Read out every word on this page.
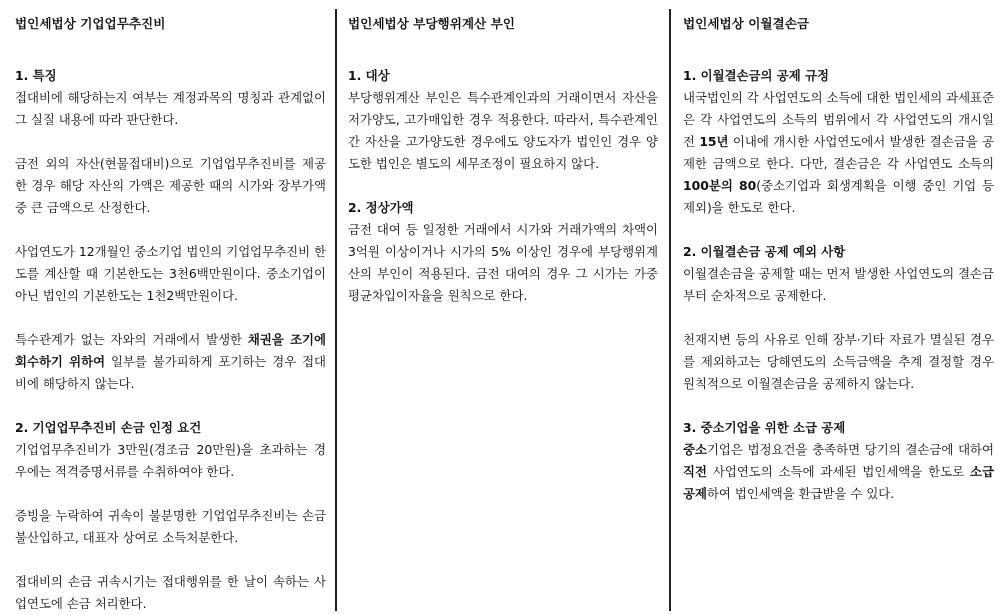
법인세법상 기업업무추진비

1. 특징

접대비에 해당하는지 여부는 계정과목의 명칭과 관계없이 그 실질 내용에 따라 판단한다.

금전 외의 자산(현물접대비)으로 기업업무추진비를 제공한 경우 해당 자산의 가액은 제공한 때의 시가와 장부가액 중 큰 금액으로 산정한다.

사업연도가 12개월인 중소기업 법인의 기업업무추진비 한도를 계산할 때 기본한도는 3천6백만원이다. 중소기업이 아닌 법인의 기본한도는 1천2백만원이다.

특수관계가 없는 자와의 거래에서 발생한 채권을 조기에 회수하기 위하여 일부를 불가피하게 포기하는 경우 접대비에 해당하지 않는다.

2. 기업업무추진비 손금 인정 요건

기업업무추진비가 3만원(경조금 20만원)을 초과하는 경우에는 적격증명서류를 수취하여야 한다.

증빙을 누락하여 귀속이 불분명한 기업업무추진비는 손금불산입하고, 대표자 상여로 소득처분한다.

접대비의 손금 귀속시기는 접대행위를 한 날이 속하는 사업연도에 손금 처리한다.

법인세법상 부당행위계산 부인

1. 대상

부당행위계산 부인은 특수관계인과의 거래이면서 자산을 저가양도, 고가매입한 경우 적용한다. 따라서, 특수관계인간 자산을 고가양도한 경우에도 양도자가 법인인 경우 양도한 법인은 별도의 세무조정이 필요하지 않다.

2. 정상가액

금전 대여 등 일정한 거래에서 시가와 거래가액의 차액이 3억원 이상이거나 시가의 5% 이상인 경우에 부당행위계산의 부인이 적용된다. 금전 대여의 경우 그 시가는 가중평균차입이자율을 원칙으로 한다.

법인세법상 이월결손금

1. 이월결손금의 공제 규정

내국법인의 각 사업연도의 소득에 대한 법인세의 과세표준은 각 사업연도의 소득의 범위에서 각 사업연도의 개시일 전 15년 이내에 개시한 사업연도에서 발생한 결손금을 공제한 금액으로 한다. 다만, 결손금은 각 사업연도 소득의 100분의 80(중소기업과 회생계획을 이행 중인 기업 등 제외)을 한도로 한다.

2. 이월결손금 공제 예외 사항

이월결손금을 공제할 때는 먼저 발생한 사업연도의 결손금부터 순차적으로 공제한다.

천재지변 등의 사유로 인해 장부·기타 자료가 멸실된 경우를 제외하고는 당해연도의 소득금액을 추계 결정할 경우 원칙적으로 이월결손금을 공제하지 않는다.

3. 중소기업을 위한 소급 공제

중소기업은 법정요건을 충족하면 당기의 결손금에 대하여 직전 사업연도의 소득에 과세된 법인세액을 한도로 소급 공제하여 법인세액을 환급받을 수 있다.
